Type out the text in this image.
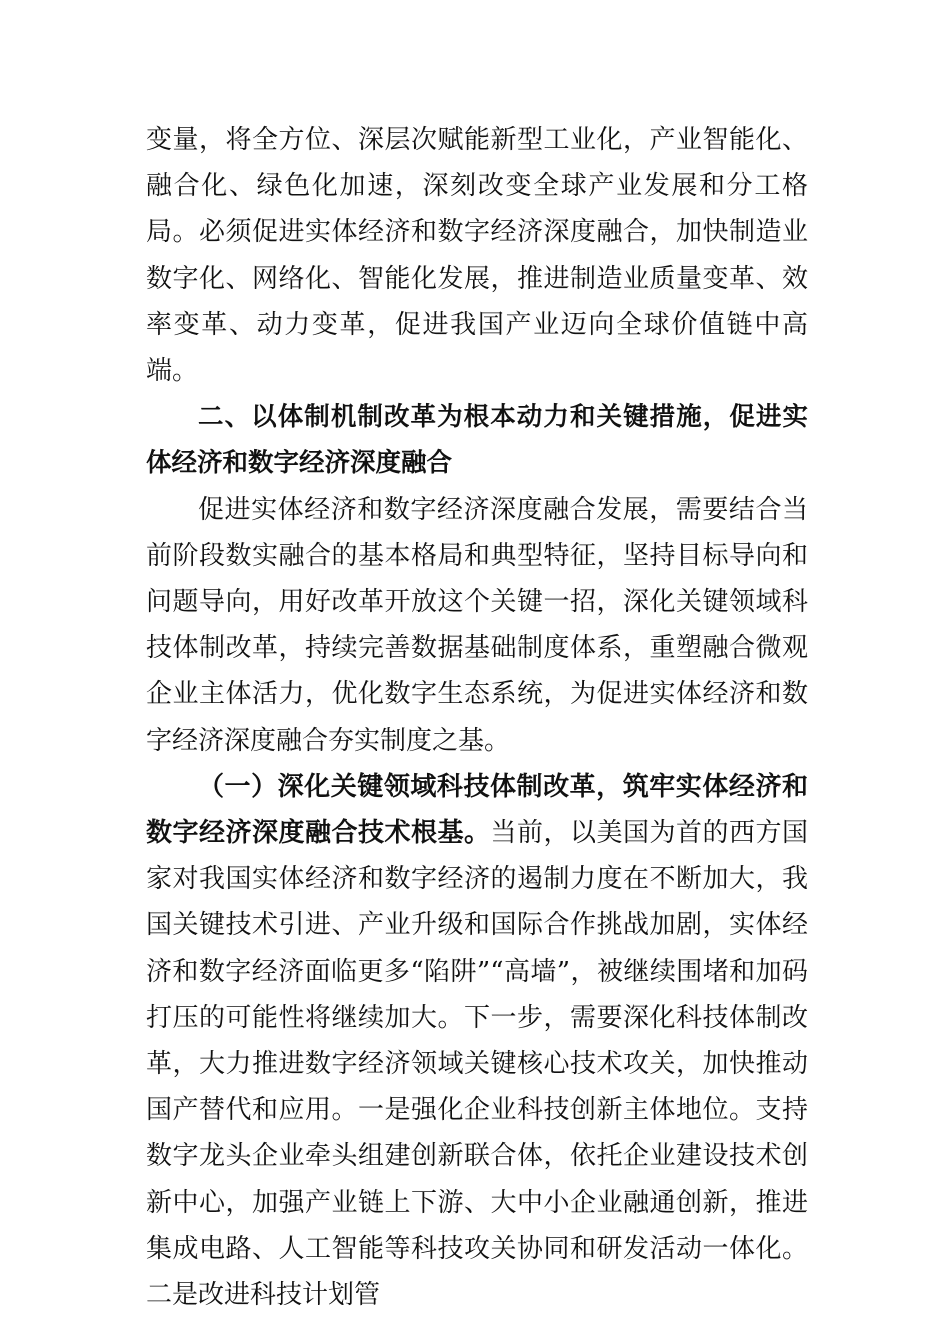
变量，将全方位、深层次赋能新型工业化，产业智能化、融合化、绿色化加速，深刻改变全球产业发展和分工格局。必须促进实体经济和数字经济深度融合，加快制造业数字化、网络化、智能化发展，推进制造业质量变革、效率变革、动力变革，促进我国产业迈向全球价值链中高端。

二、以体制机制改革为根本动力和关键措施，促进实体经济和数字经济深度融合

促进实体经济和数字经济深度融合发展，需要结合当前阶段数实融合的基本格局和典型特征，坚持目标导向和问题导向，用好改革开放这个关键一招，深化关键领域科技体制改革，持续完善数据基础制度体系，重塑融合微观企业主体活力，优化数字生态系统，为促进实体经济和数字经济深度融合夯实制度之基。

（一）深化关键领域科技体制改革，筑牢实体经济和数字经济深度融合技术根基。当前，以美国为首的西方国家对我国实体经济和数字经济的遏制力度在不断加大，我国关键技术引进、产业升级和国际合作挑战加剧，实体经济和数字经济面临更多“陷阱”“高墙”，被继续围堵和加码打压的可能性将继续加大。下一步，需要深化科技体制改革，大力推进数字经济领域关键核心技术攻关，加快推动国产替代和应用。一是强化企业科技创新主体地位。支持数字龙头企业牵头组建创新联合体，依托企业建设技术创新中心，加强产业链上下游、大中小企业融通创新，推进集成电路、人工智能等科技攻关协同和研发活动一体化。二是改进科技计划管
